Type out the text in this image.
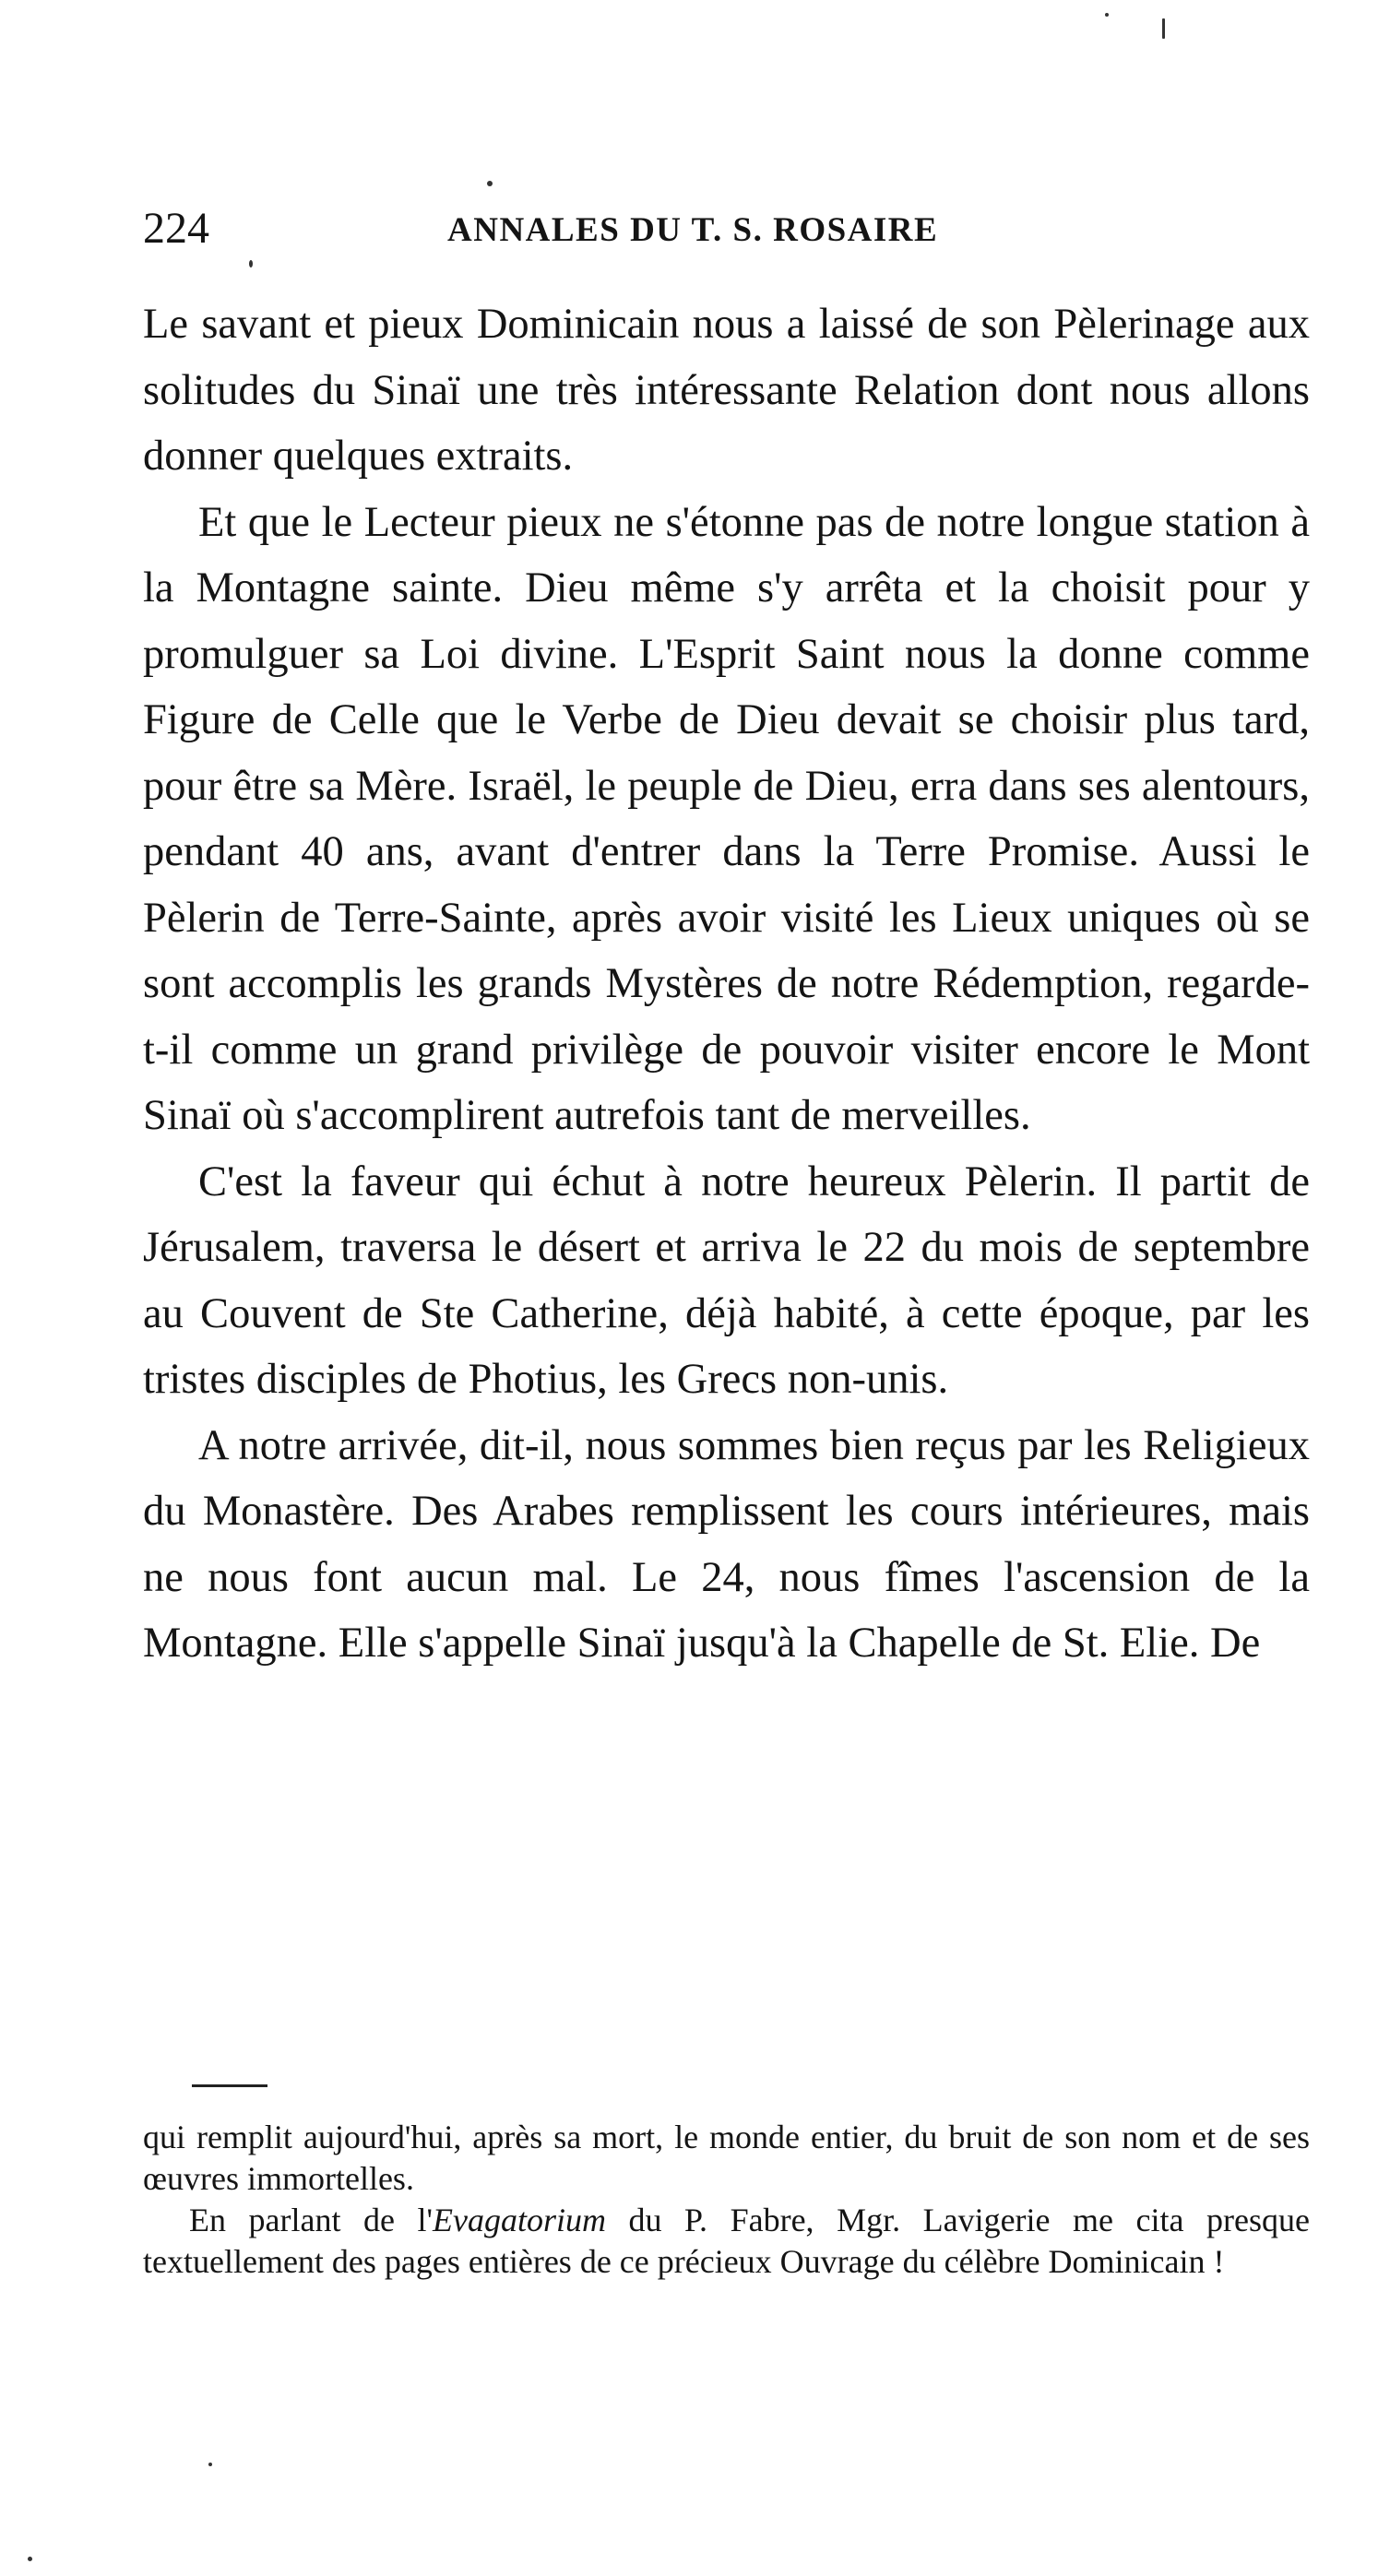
224	ANNALES DU T. S. ROSAIRE

Le savant et pieux Dominicain nous a laissé de son Pèlerinage aux solitudes du Sinaï une très intéressante Relation dont nous allons donner quelques extraits.

Et que le Lecteur pieux ne s'étonne pas de notre longue station à la Montagne sainte. Dieu même s'y arrêta et la choisit pour y promulguer sa Loi divine. L'Esprit Saint nous la donne comme Figure de Celle que le Verbe de Dieu devait se choisir plus tard, pour être sa Mère. Israël, le peuple de Dieu, erra dans ses alentours, pendant 40 ans, avant d'entrer dans la Terre Promise. Aussi le Pèlerin de Terre-Sainte, après avoir visité les Lieux uniques où se sont accomplis les grands Mystères de notre Rédemption, regarde-t-il comme un grand privilège de pouvoir visiter encore le Mont Sinaï où s'accomplirent autrefois tant de merveilles.

C'est la faveur qui échut à notre heureux Pèlerin. Il partit de Jérusalem, traversa le désert et arriva le 22 du mois de septembre au Couvent de Ste Catherine, déjà habité, à cette époque, par les tristes disciples de Photius, les Grecs non-unis.

A notre arrivée, dit-il, nous sommes bien reçus par les Religieux du Monastère. Des Arabes remplissent les cours intérieures, mais ne nous font aucun mal. Le 24, nous fîmes l'ascension de la Montagne. Elle s'appelle Sinaï jusqu'à la Chapelle de St. Elie. De

qui remplit aujourd'hui, après sa mort, le monde entier, du bruit de son nom et de ses œuvres immortelles.

En parlant de l'Evagatorium du P. Fabre, Mgr. Lavigerie me cita presque textuellement des pages entières de ce précieux Ouvrage du célèbre Dominicain !
